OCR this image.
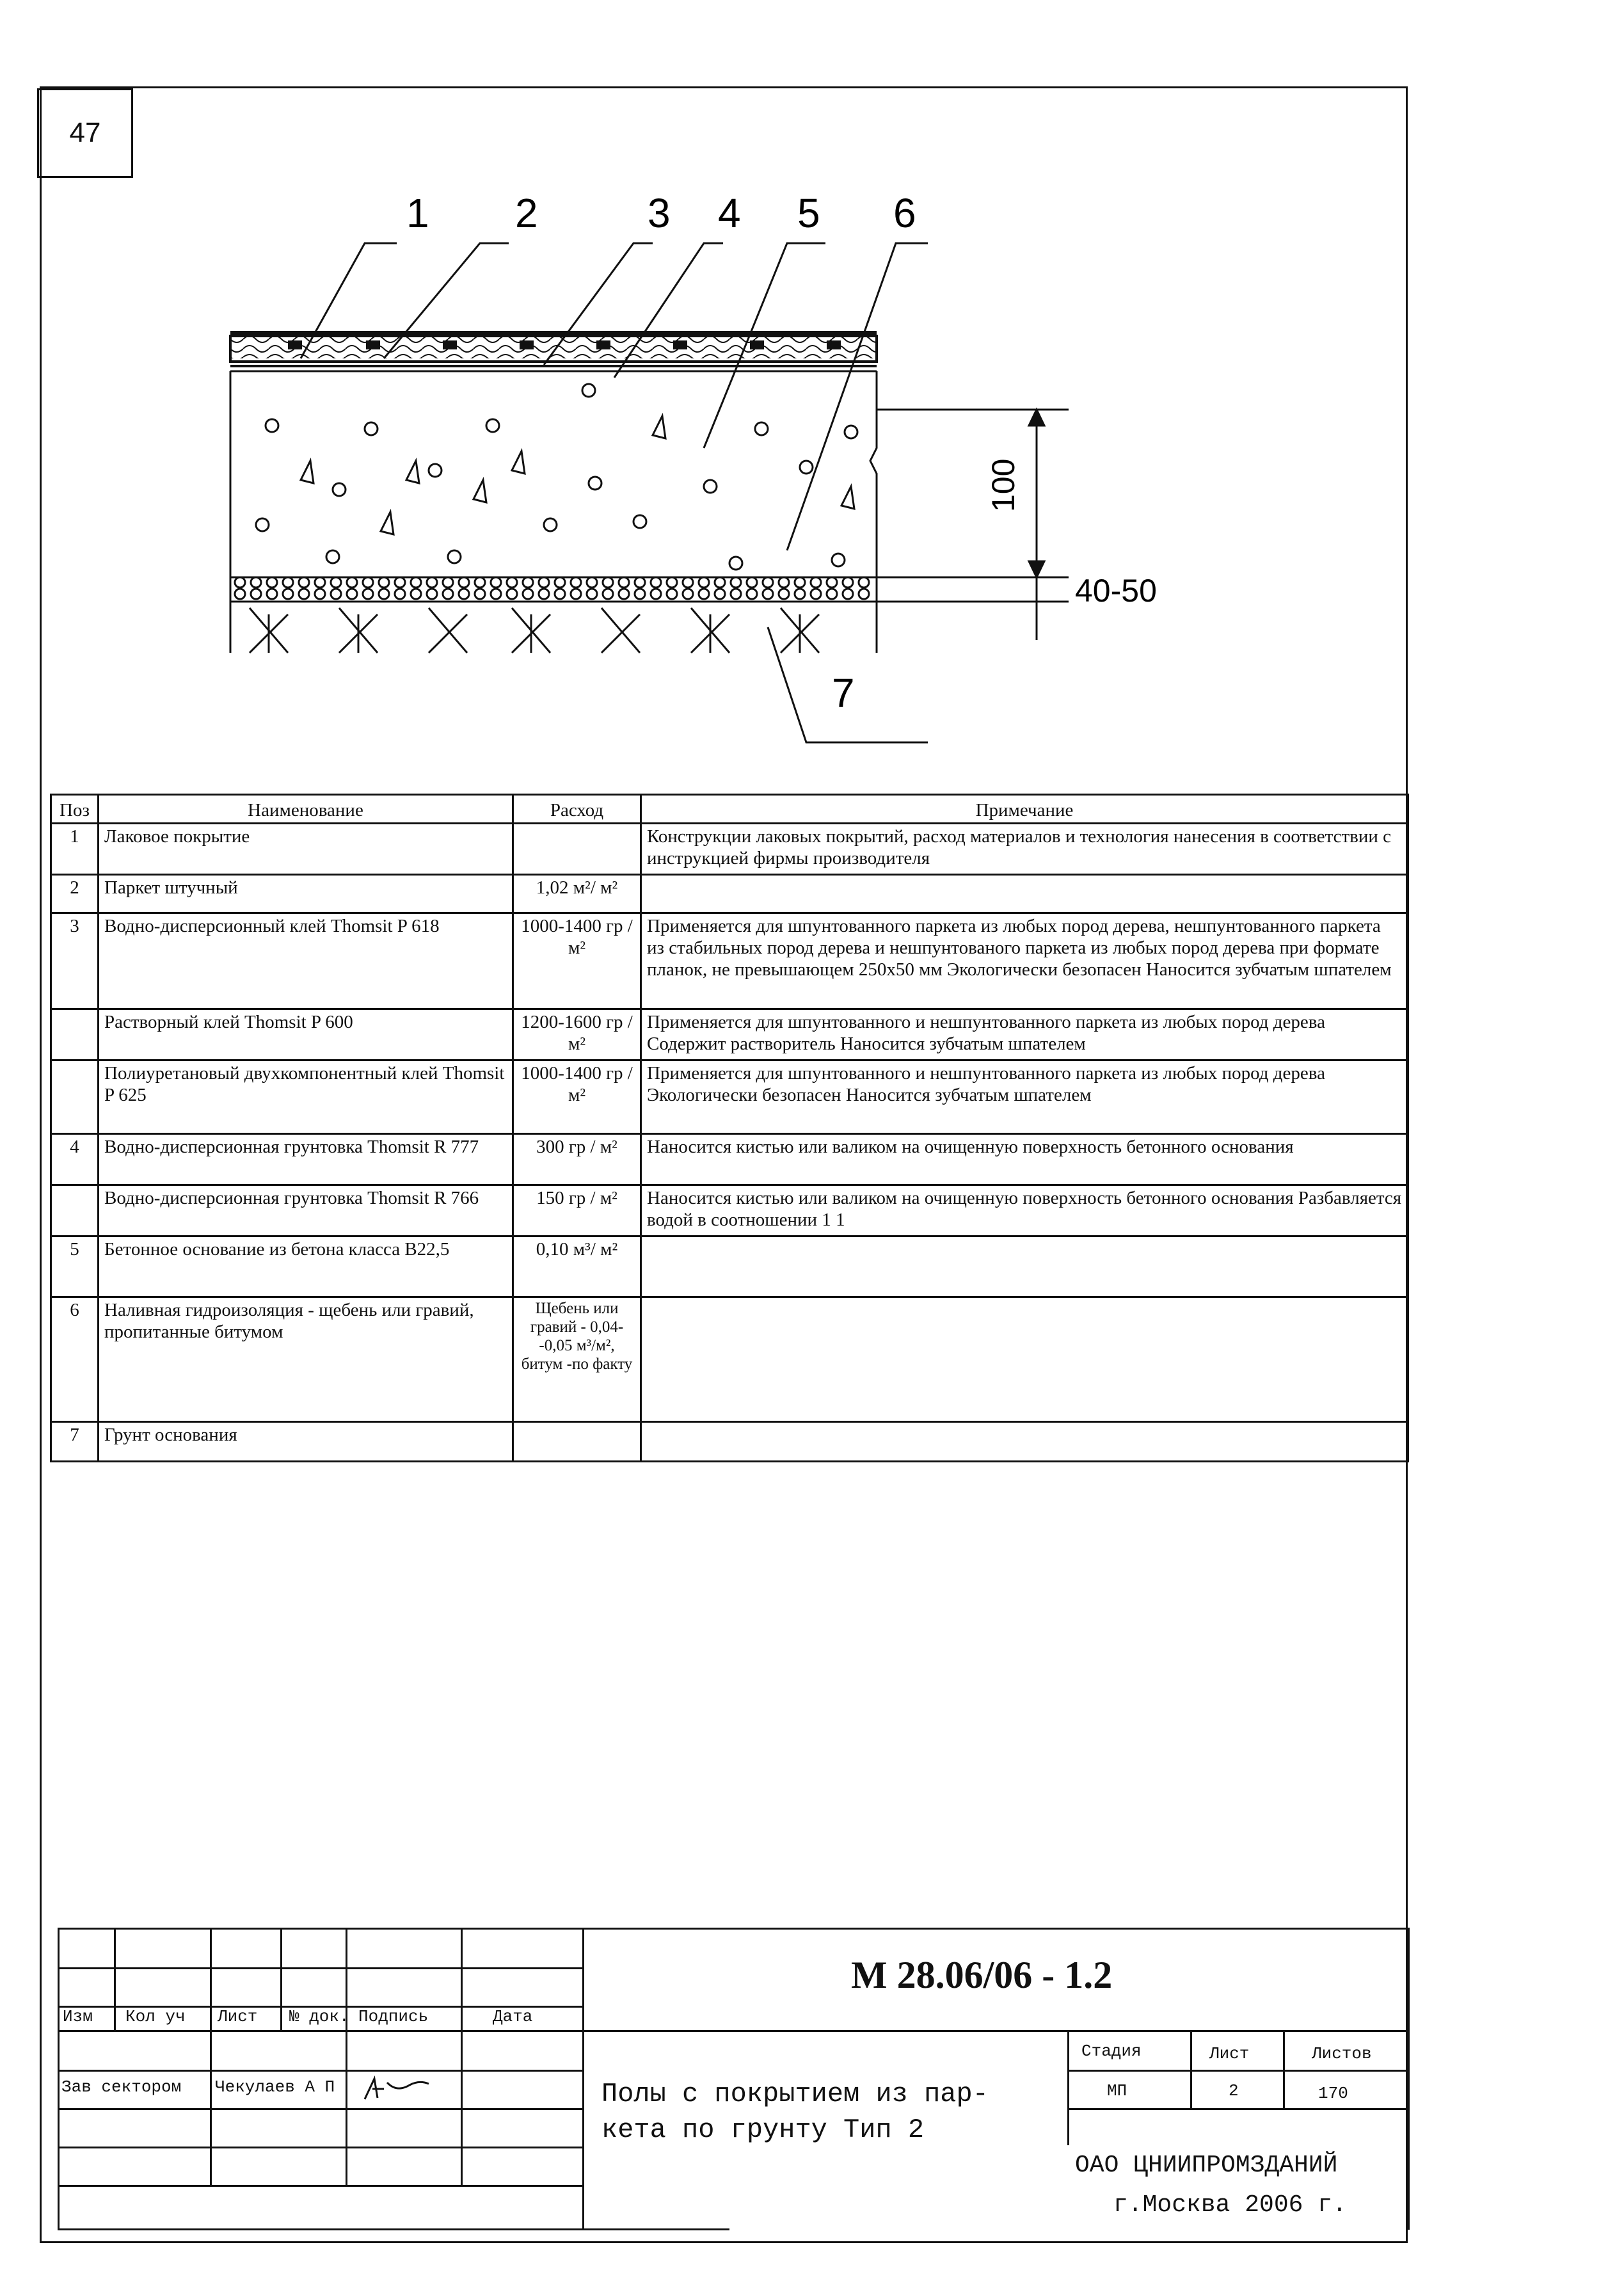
47
1 2	3 4 5 6
7
100
40-50
Поз	Наименование	Расход	Примечание
1	Лаковое покрытие		Конструкции лаковых покрытий, расход материалов и технология нанесения в соответствии с инструкцией фирмы производителя
2	Паркет штучный	1,02 м²/ м²	
3	Водно-дисперсионный клей Thomsit P 618	1000-1400 гр / м²	Применяется для шпунтованного паркета из любых пород дерева, нешпунтованного паркета из стабильных пород дерева и нешпунтованого паркета из любых пород дерева при формате планок, не превышающем 250x50 мм Экологически безопасен Наносится зубчатым шпателем
	Растворный клей Thomsit P 600	1200-1600 гр / м²	Применяется для шпунтованного и нешпунтованного паркета из любых пород дерева Содержит растворитель Наносится зубчатым шпателем
	Полиуретановый двухкомпонентный клей Thomsit P 625	1000-1400 гр / м²	Применяется для шпунтованного и нешпунтованного паркета из любых пород дерева Экологически безопасен Наносится зубчатым шпателем
4	Водно-дисперсионная грунтовка Thomsit R 777	300 гр / м²	Наносится кистью или валиком на очищенную поверхность бетонного основания
	Водно-дисперсионная грунтовка Thomsit R 766	150 гр / м²	Наносится кистью или валиком на очищенную поверхность бетонного основания Разбавляется водой в соотношении 1 1
5	Бетонное основание из бетона класса В22,5	0,10 м³/ м²	
6	Наливная гидроизоляция - щебень или гравий, пропитанные битумом	Щебень или гравий - 0,04--0,05 м³/м², битум -по факту	
7	Грунт основания		
Изм Кол уч Лист № док. Подпись	Дата
М 28.06/06 - 1.2
Зав сектором Чекулаев А П	Полы с покрытием из пар-
кета по грунту Тип 2
Стадия	Лист	Листов
МП	2	170
ОАО ЦНИИПРОМЗДАНИЙ
г.Москва 2006 г.
